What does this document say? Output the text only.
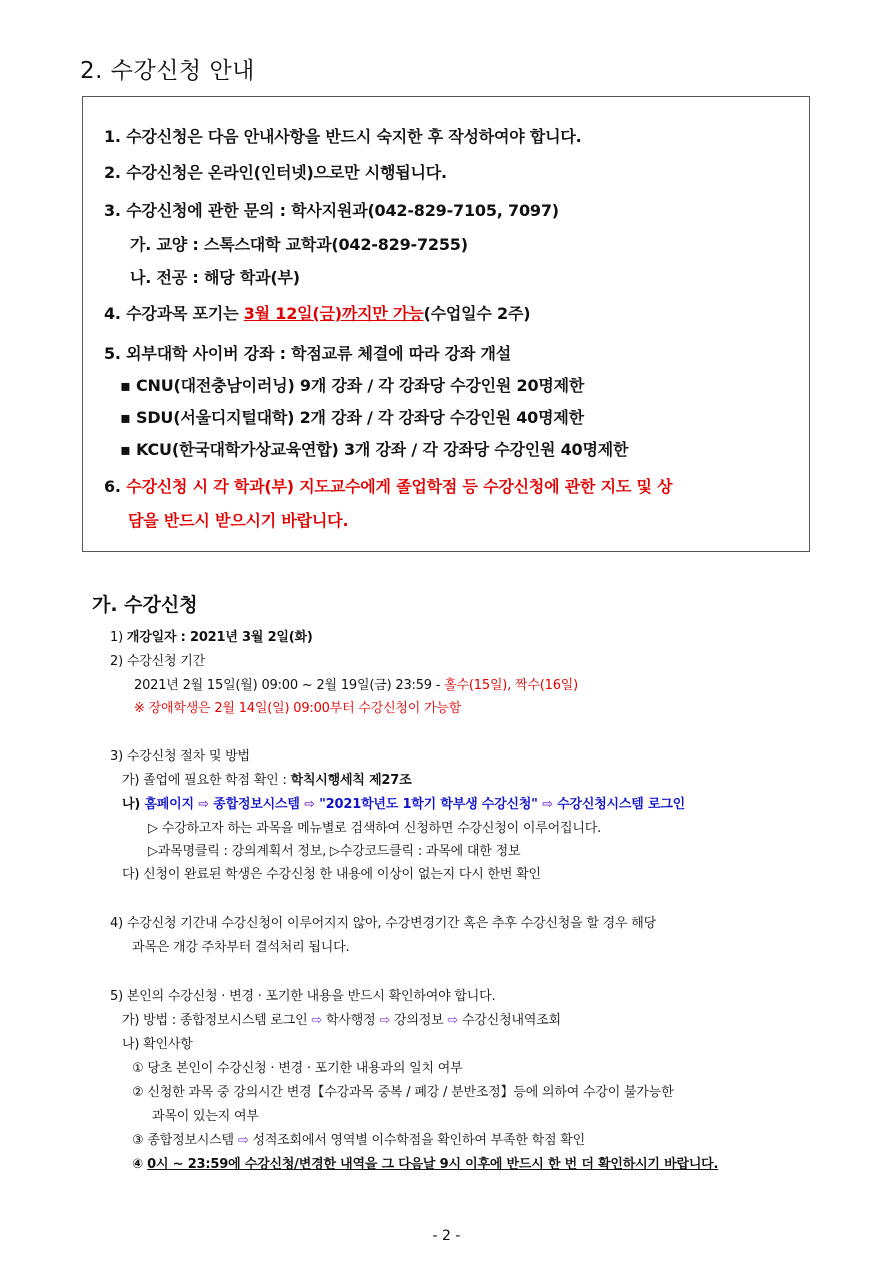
2. 수강신청 안내
1. 수강신청은 다음 안내사항을 반드시 숙지한 후 작성하여야 합니다.
2. 수강신청은 온라인(인터넷)으로만 시행됩니다.
3. 수강신청에 관한 문의 : 학사지원과(042-829-7105, 7097)
가. 교양 : 스톡스대학 교학과(042-829-7255)
나. 전공 : 해당 학과(부)
4. 수강과목 포기는 3월 12일(금)까지만 가능(수업일수 2주)
5. 외부대학 사이버 강좌 : 학점교류 체결에 따라 강좌 개설
▪ CNU(대전충남이러닝) 9개 강좌 / 각 강좌당 수강인원 20명제한
▪ SDU(서울디지털대학) 2개 강좌 / 각 강좌당 수강인원 40명제한
▪ KCU(한국대학가상교육연합) 3개 강좌 / 각 강좌당 수강인원 40명제한
6. 수강신청 시 각 학과(부) 지도교수에게 졸업학점 등 수강신청에 관한 지도 및 상
담을 반드시 받으시기 바랍니다.
가. 수강신청
1) 개강일자 : 2021년 3월 2일(화)
2) 수강신청 기간
2021년 2월 15일(월) 09:00 ~ 2월 19일(금) 23:59 - 홀수(15일), 짝수(16일)
※ 장애학생은 2월 14일(일) 09:00부터 수강신청이 가능함
3) 수강신청 절차 및 방법
가) 졸업에 필요한 학점 확인 : 학칙시행세칙 제27조
나) 홈페이지 ⇨ 종합정보시스템 ⇨ "2021학년도 1학기 학부생 수강신청" ⇨ 수강신청시스템 로그인
▷ 수강하고자 하는 과목을 메뉴별로 검색하여 신청하면 수강신청이 이루어집니다.
▷과목명클릭 : 강의계획서 정보, ▷수강코드클릭 : 과목에 대한 정보
다) 신청이 완료된 학생은 수강신청 한 내용에 이상이 없는지 다시 한번 확인
4) 수강신청 기간내 수강신청이 이루어지지 않아, 수강변경기간 혹은 추후 수강신청을 할 경우 해당
과목은 개강 주차부터 결석처리 됩니다.
5) 본인의 수강신청 · 변경 · 포기한 내용을 반드시 확인하여야 합니다.
가) 방법 : 종합정보시스템 로그인 ⇨ 학사행정 ⇨ 강의정보 ⇨ 수강신청내역조회
나) 확인사항
① 당초 본인이 수강신청 · 변경 · 포기한 내용과의 일치 여부
② 신청한 과목 중 강의시간 변경【수강과목 중복 / 폐강 / 분반조정】등에 의하여 수강이 불가능한
과목이 있는지 여부
③ 종합정보시스템 ⇨ 성적조회에서 영역별 이수학점을 확인하여 부족한 학점 확인
④ 0시 ~ 23:59에 수강신청/변경한 내역을 그 다음날 9시 이후에 반드시 한 번 더 확인하시기 바랍니다.
- 2 -
